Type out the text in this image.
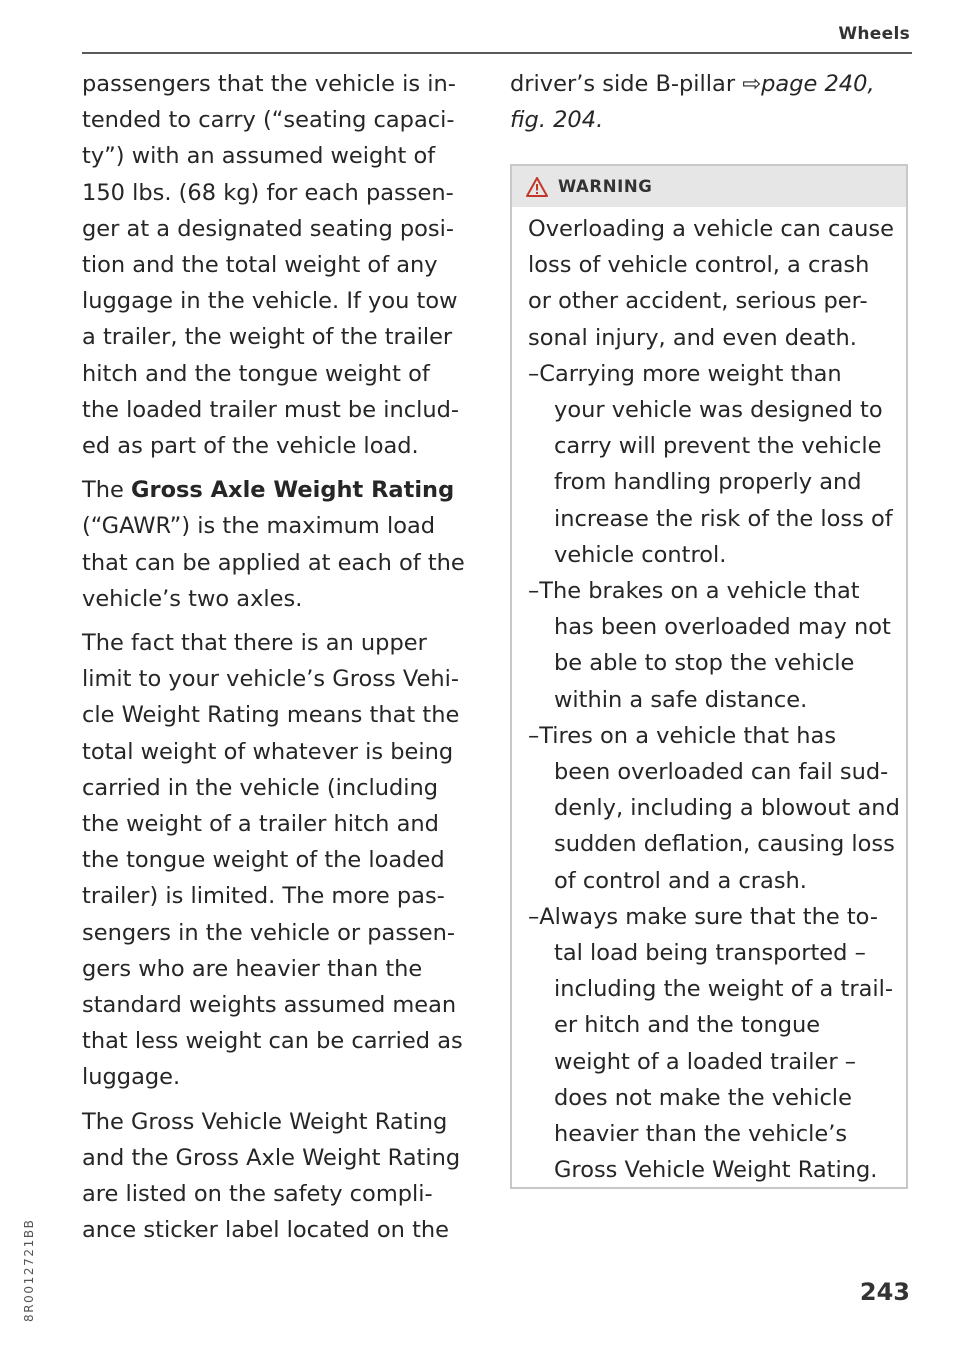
Wheels

passengers that the vehicle is in-
tended to carry (“seating capaci-
ty”) with an assumed weight of
150 lbs. (68 kg) for each passen-
ger at a designated seating posi-
tion and the total weight of any
luggage in the vehicle. If you tow
a trailer, the weight of the trailer
hitch and the tongue weight of
the loaded trailer must be includ-
ed as part of the vehicle load.

The Gross Axle Weight Rating
(“GAWR”) is the maximum load
that can be applied at each of the
vehicle’s two axles.

The fact that there is an upper
limit to your vehicle’s Gross Vehi-
cle Weight Rating means that the
total weight of whatever is being
carried in the vehicle (including
the weight of a trailer hitch and
the tongue weight of the loaded
trailer) is limited. The more pas-
sengers in the vehicle or passen-
gers who are heavier than the
standard weights assumed mean
that less weight can be carried as
luggage.

The Gross Vehicle Weight Rating
and the Gross Axle Weight Rating
are listed on the safety compli-
ance sticker label located on the

driver’s side B-pillar ⇨page 240,
fig. 204.
WARNING
Overloading a vehicle can cause
loss of vehicle control, a crash
or other accident, serious per-
sonal injury, and even death.
–Carrying more weight than
your vehicle was designed to
carry will prevent the vehicle
from handling properly and
increase the risk of the loss of
vehicle control.
–The brakes on a vehicle that
has been overloaded may not
be able to stop the vehicle
within a safe distance.
–Tires on a vehicle that has
been overloaded can fail sud-
denly, including a blowout and
sudden deflation, causing loss
of control and a crash.
–Always make sure that the to-
tal load being transported –
including the weight of a trail-
er hitch and the tongue
weight of a loaded trailer –
does not make the vehicle
heavier than the vehicle’s
Gross Vehicle Weight Rating.
8R0012721BB	243
